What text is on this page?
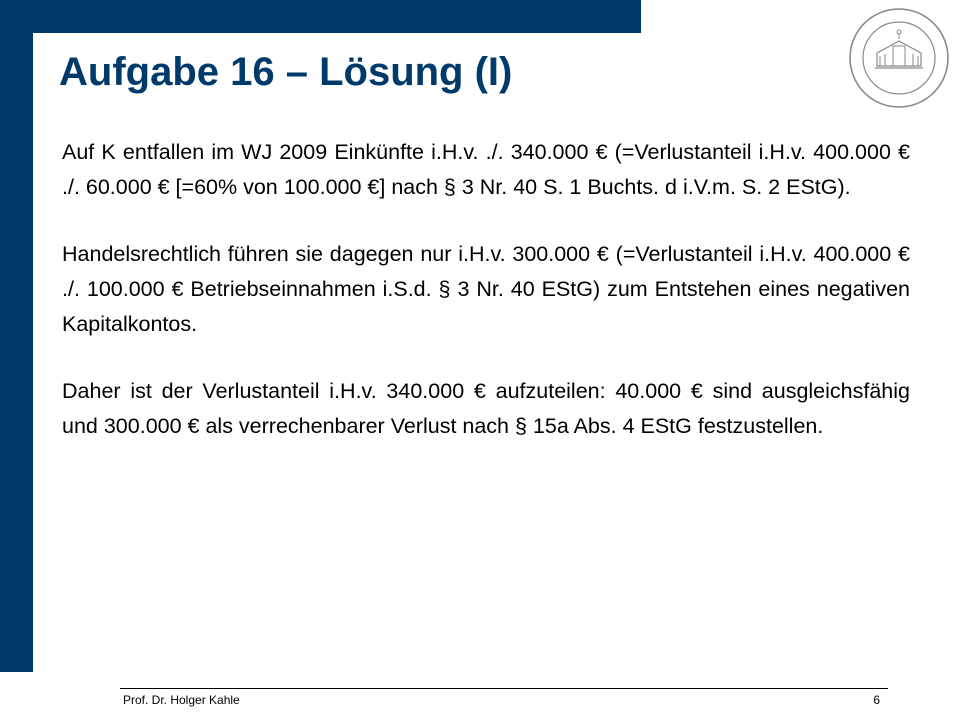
Aufgabe 16 – Lösung (I)

Auf K entfallen im WJ 2009 Einkünfte i.H.v. ./. 340.000 € (=Verlustanteil i.H.v. 400.000 € ./. 60.000 € [=60% von 100.000 €] nach § 3 Nr. 40 S. 1 Buchts. d i.V.m. S. 2 EStG).

Handelsrechtlich führen sie dagegen nur i.H.v. 300.000 € (=Verlustanteil i.H.v. 400.000 € ./. 100.000 € Betriebseinnahmen i.S.d. § 3 Nr. 40 EStG) zum Entstehen eines negativen Kapitalkontos.

Daher ist der Verlustanteil i.H.v. 340.000 € aufzuteilen: 40.000 € sind ausgleichsfähig und 300.000 € als verrechenbarer Verlust nach § 15a Abs. 4 EStG festzustellen.

Prof. Dr. Holger Kahle	6
